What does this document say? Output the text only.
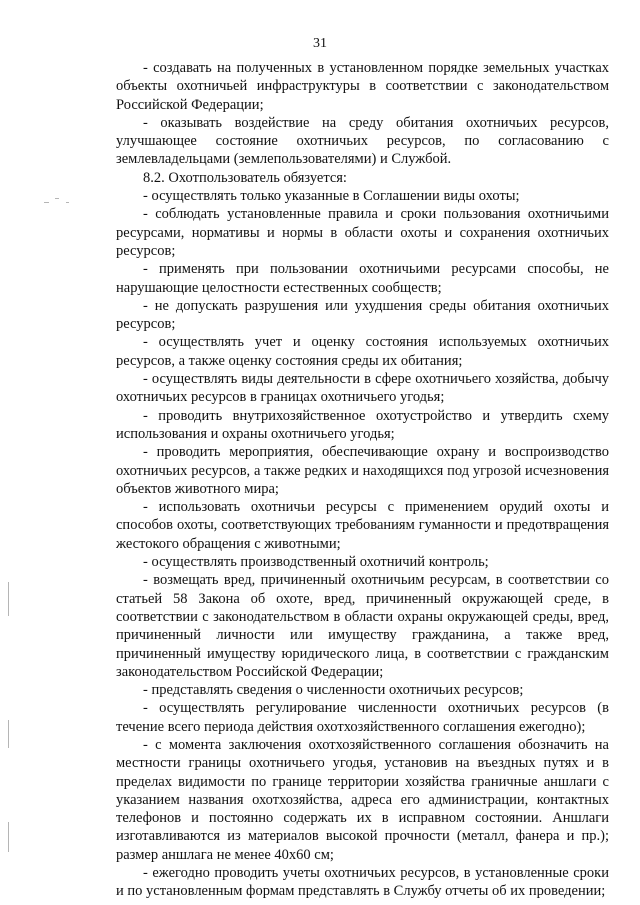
31

- создавать на полученных в установленном порядке земельных участках объекты охотничьей инфраструктуры в соответствии с законодательством Российской Федерации;

- оказывать воздействие на среду обитания охотничьих ресурсов, улучшающее состояние охотничьих ресурсов, по согласованию с землевладельцами (землепользователями) и Службой.

8.2. Охотпользователь обязуется:

- осуществлять только указанные в Соглашении виды охоты;

- соблюдать установленные правила и сроки пользования охотничьими ресурсами, нормативы и нормы в области охоты и сохранения охотничьих ресурсов;

- применять при пользовании охотничьими ресурсами способы, не нарушающие целостности естественных сообществ;

- не допускать разрушения или ухудшения среды обитания охотничьих ресурсов;

- осуществлять учет и оценку состояния используемых охотничьих ресурсов, а также оценку состояния среды их обитания;

- осуществлять виды деятельности в сфере охотничьего хозяйства, добычу охотничьих ресурсов в границах охотничьего угодья;

- проводить внутрихозяйственное охотустройство и утвердить схему использования и охраны охотничьего угодья;

- проводить мероприятия, обеспечивающие охрану и воспроизводство охотничьих ресурсов, а также редких и находящихся под угрозой исчезновения объектов животного мира;

- использовать охотничьи ресурсы с применением орудий охоты и способов охоты, соответствующих требованиям гуманности и предотвращения жестокого обращения с животными;

- осуществлять производственный охотничий контроль;

- возмещать вред, причиненный охотничьим ресурсам, в соответствии со статьей 58 Закона об охоте, вред, причиненный окружающей среде, в соответствии с законодательством в области охраны окружающей среды, вред, причиненный личности или имуществу гражданина, а также вред, причиненный имуществу юридического лица, в соответствии с гражданским законодательством Российской Федерации;

- представлять сведения о численности охотничьих ресурсов;

- осуществлять регулирование численности охотничьих ресурсов (в течение всего периода действия охотхозяйственного соглашения ежегодно);

- с момента заключения охотхозяйственного соглашения обозначить на местности границы охотничьего угодья, установив на въездных путях и в пределах видимости по границе территории хозяйства граничные аншлаги с указанием названия охотхозяйства, адреса его администрации, контактных телефонов и постоянно содержать их в исправном состоянии. Аншлаги изготавливаются из материалов высокой прочности (металл, фанера и пр.); размер аншлага не менее 40х60 см;

- ежегодно проводить учеты охотничьих ресурсов, в установленные сроки и по установленным формам представлять в Службу отчеты об их проведении;
